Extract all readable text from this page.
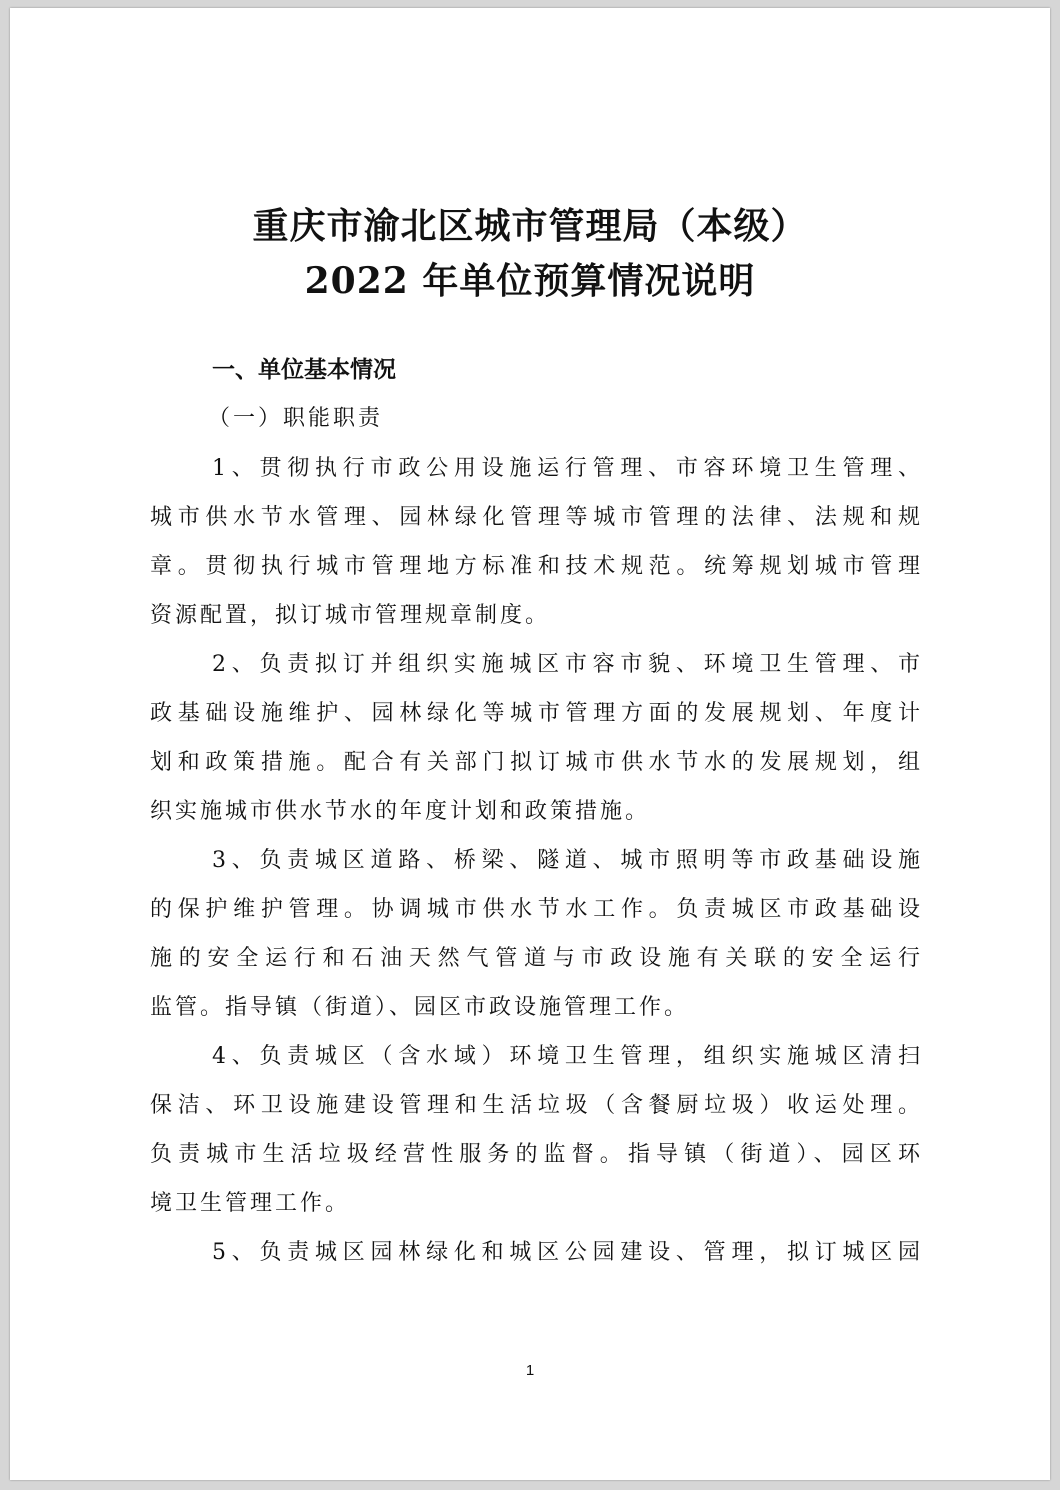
重庆市渝北区城市管理局（本级）
2022 年单位预算情况说明
一、单位基本情况
（一）职能职责
1、贯彻执行市政公用设施运行管理、市容环境卫生管理、
城市供水节水管理、园林绿化管理等城市管理的法律、法规和规
章。贯彻执行城市管理地方标准和技术规范。统筹规划城市管理
资源配置，拟订城市管理规章制度。
2、负责拟订并组织实施城区市容市貌、环境卫生管理、市
政基础设施维护、园林绿化等城市管理方面的发展规划、年度计
划和政策措施。配合有关部门拟订城市供水节水的发展规划，组
织实施城市供水节水的年度计划和政策措施。
3、负责城区道路、桥梁、隧道、城市照明等市政基础设施
的保护维护管理。协调城市供水节水工作。负责城区市政基础设
施的安全运行和石油天然气管道与市政设施有关联的安全运行
监管。指导镇（街道）、园区市政设施管理工作。
4、负责城区（含水域）环境卫生管理，组织实施城区清扫
保洁、环卫设施建设管理和生活垃圾（含餐厨垃圾）收运处理。
负责城市生活垃圾经营性服务的监督。指导镇（街道）、园区环
境卫生管理工作。
5、负责城区园林绿化和城区公园建设、管理，拟订城区园
1
